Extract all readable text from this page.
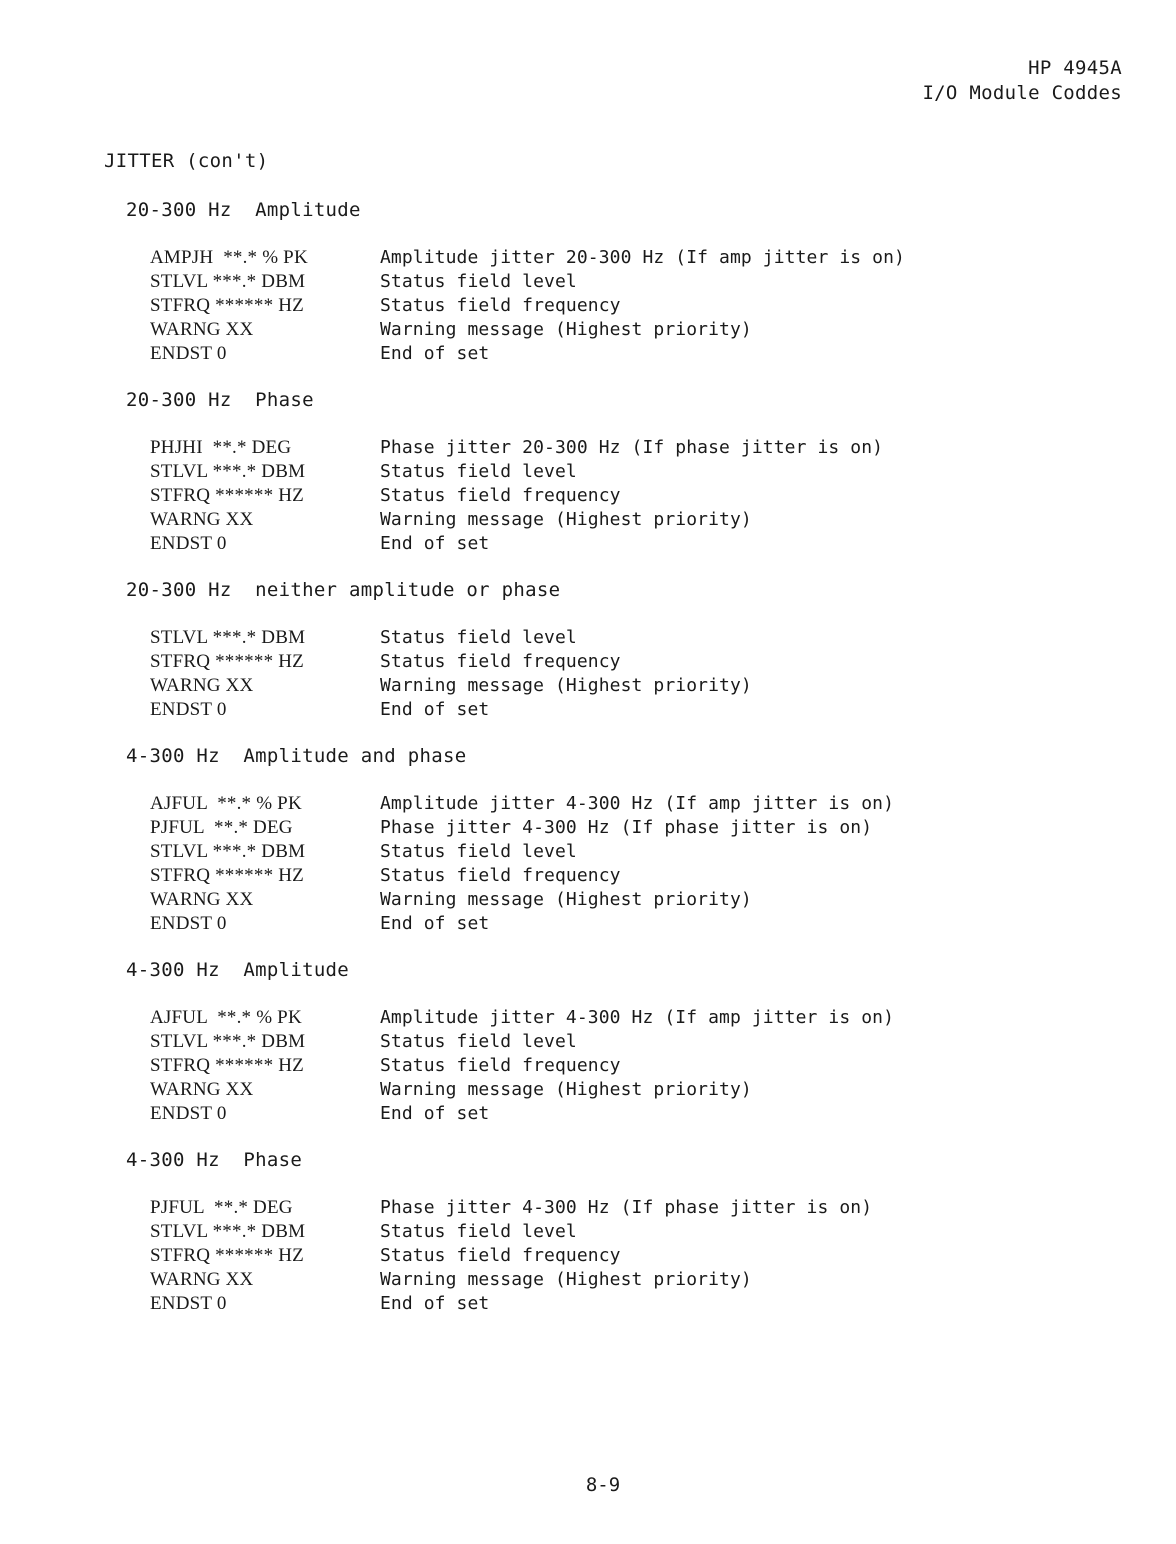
HP 4945A
I/O Module Coddes
JITTER (con't)
20-300 Hz  Amplitude
AMPJH  **.* % PK	Amplitude jitter 20-300 Hz (If amp jitter is on)
STLVL ***.* DBM	Status field level
STFRQ ****** HZ	Status field frequency
WARNG XX	Warning message (Highest priority)
ENDST 0	End of set
20-300 Hz  Phase
PHJHI  **.* DEG	Phase jitter 20-300 Hz (If phase jitter is on)
STLVL ***.* DBM	Status field level
STFRQ ****** HZ	Status field frequency
WARNG XX	Warning message (Highest priority)
ENDST 0	End of set
20-300 Hz  neither amplitude or phase
STLVL ***.* DBM	Status field level
STFRQ ****** HZ	Status field frequency
WARNG XX	Warning message (Highest priority)
ENDST 0	End of set
4-300 Hz  Amplitude and phase
AJFUL  **.* % PK	Amplitude jitter 4-300 Hz (If amp jitter is on)
PJFUL  **.* DEG	Phase jitter 4-300 Hz (If phase jitter is on)
STLVL ***.* DBM	Status field level
STFRQ ****** HZ	Status field frequency
WARNG XX	Warning message (Highest priority)
ENDST 0	End of set
4-300 Hz  Amplitude
AJFUL  **.* % PK	Amplitude jitter 4-300 Hz (If amp jitter is on)
STLVL ***.* DBM	Status field level
STFRQ ****** HZ	Status field frequency
WARNG XX	Warning message (Highest priority)
ENDST 0	End of set
4-300 Hz  Phase
PJFUL  **.* DEG	Phase jitter 4-300 Hz (If phase jitter is on)
STLVL ***.* DBM	Status field level
STFRQ ****** HZ	Status field frequency
WARNG XX	Warning message (Highest priority)
ENDST 0	End of set
8-9
